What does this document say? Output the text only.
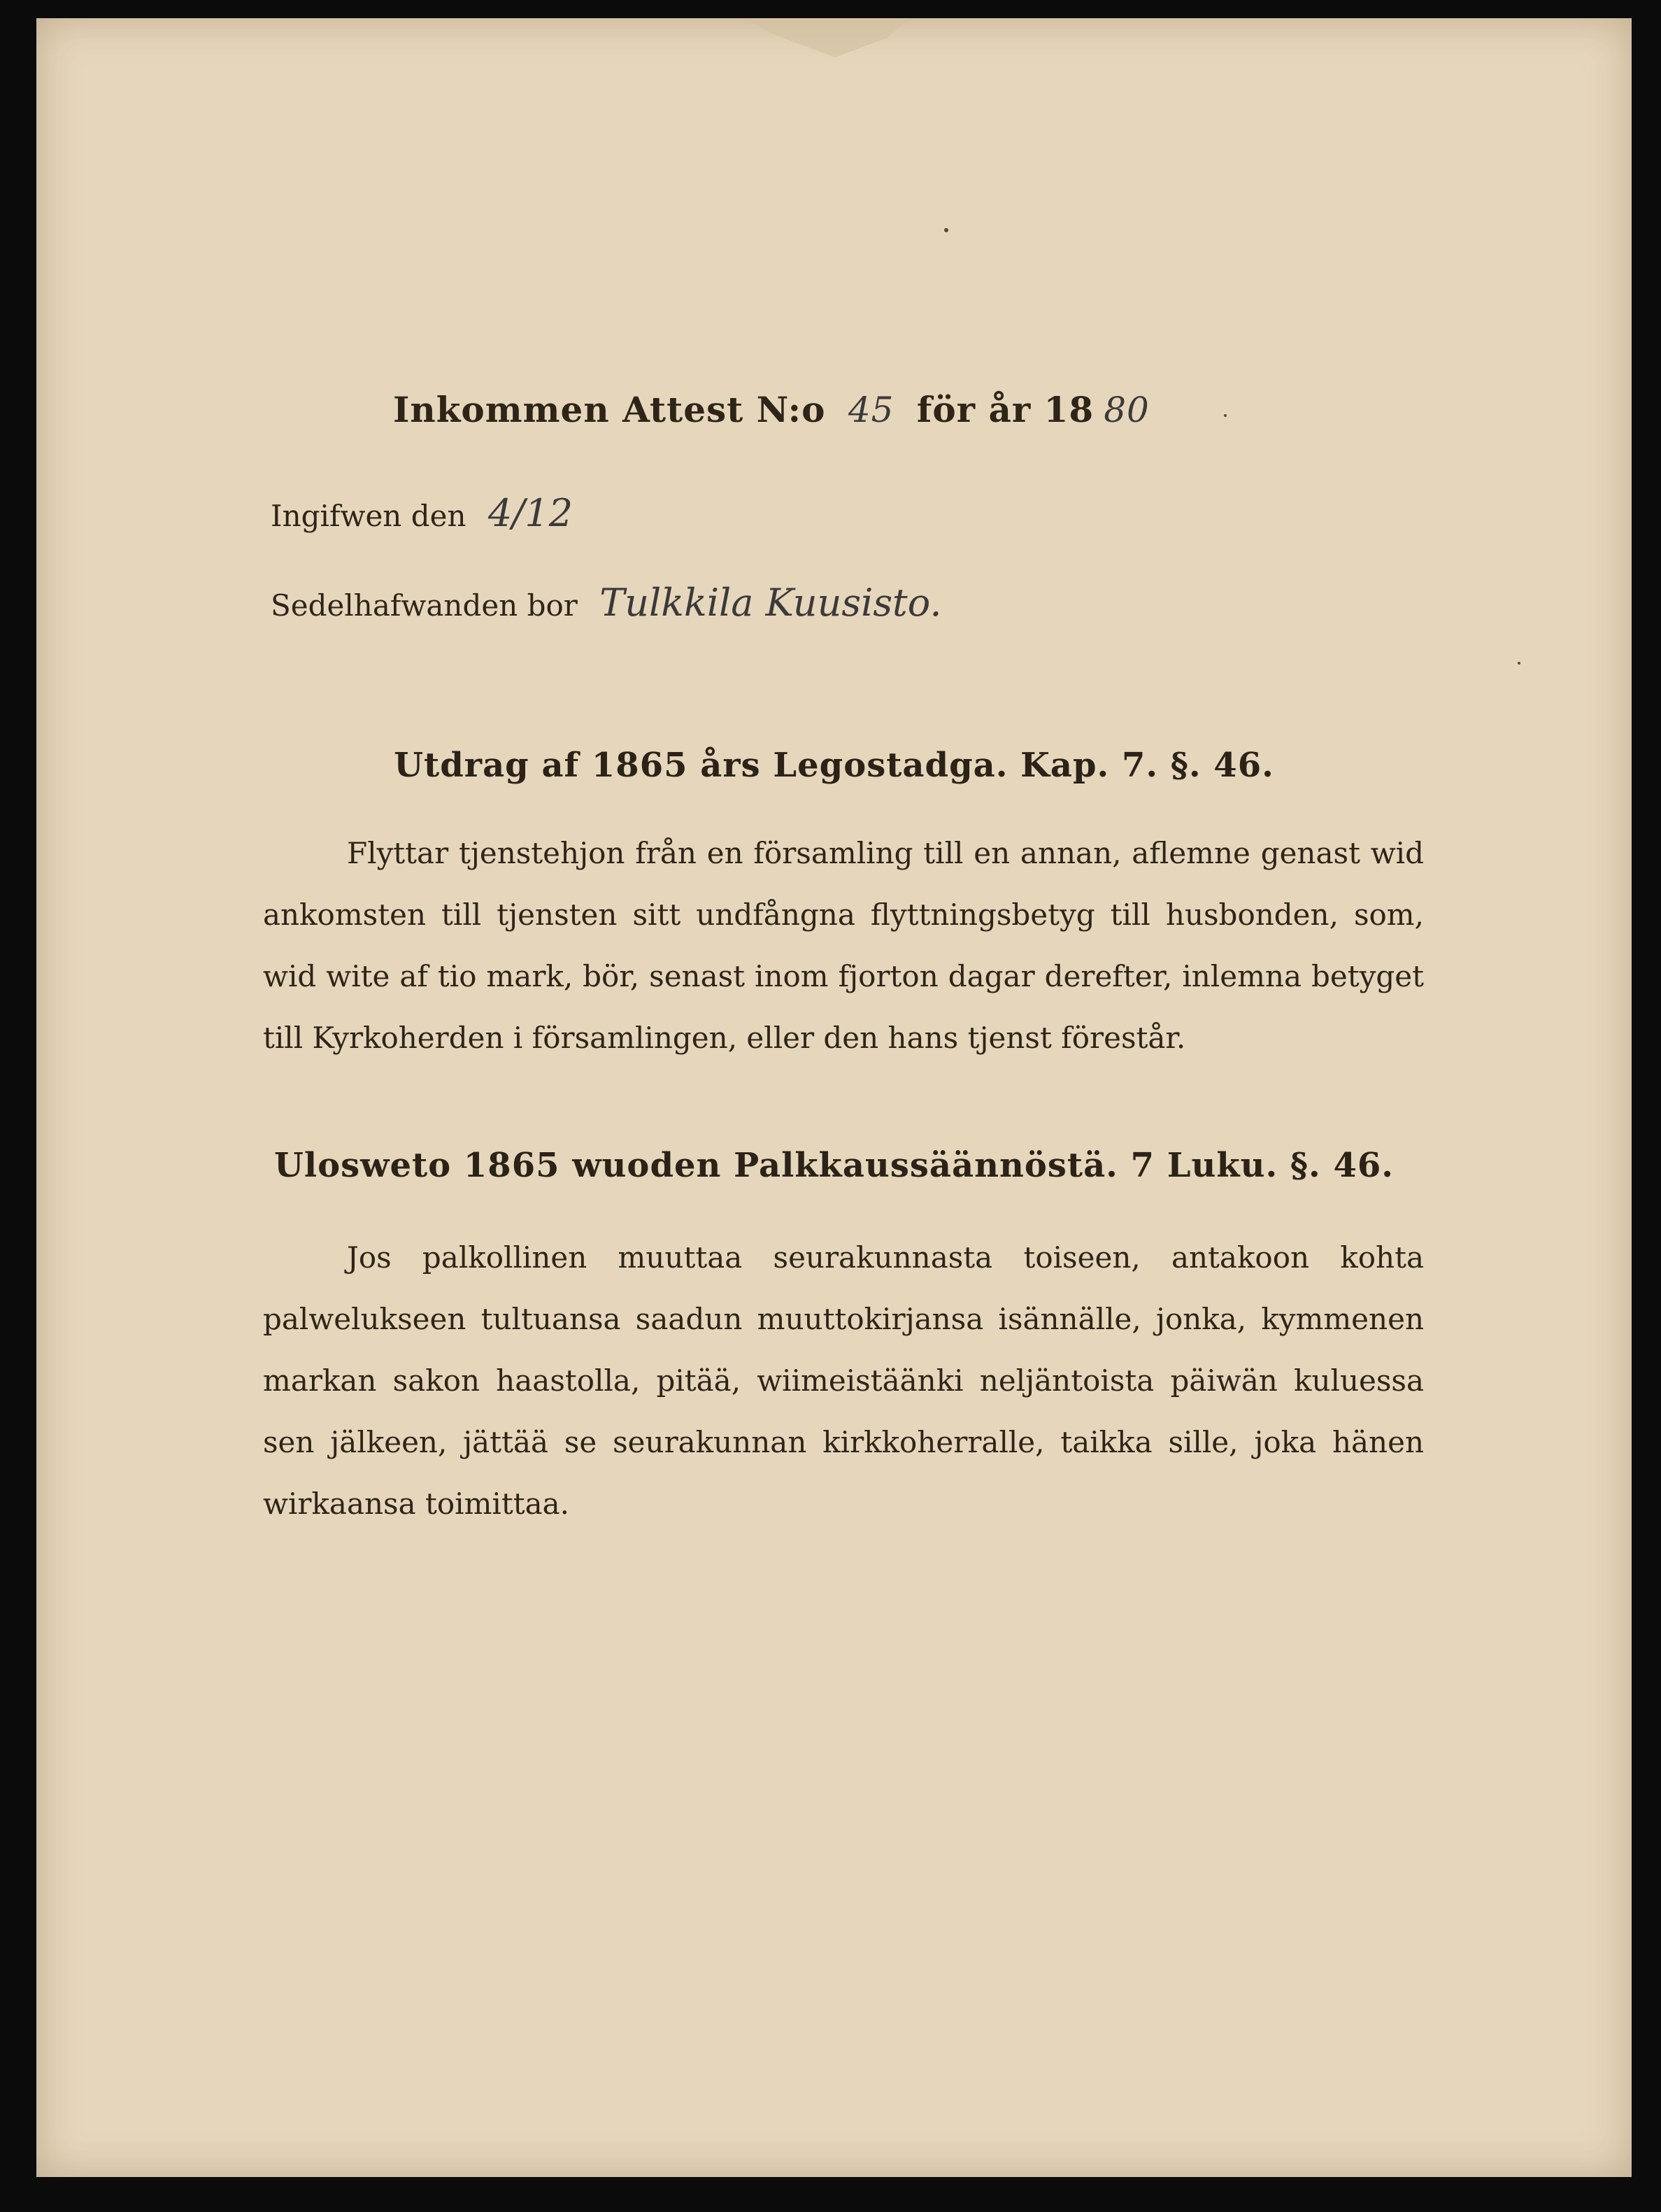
Inkommen Attest N:o 45 för år 18 80
Ingifwen den 4/12
Sedelhafwanden bor Tulkkila Kuusisto.
Utdrag af 1865 års Legostadga. Kap. 7. §. 46.
Flyttar tjenstehjon från en församling till en annan, aflemne genast wid ankomsten till tjensten sitt undfångna flyttningsbetyg till husbonden, som, wid wite af tio mark, bör, senast inom fjorton dagar derefter, inlemna betyget till Kyrkoherden i församlingen, eller den hans tjenst förestår.
Ulosweto 1865 wuoden Palkkaussäännöstä. 7 Luku. §. 46.
Jos palkollinen muuttaa seurakunnasta toiseen, antakoon kohta palwelukseen tultuansa saadun muuttokirjansa isännälle, jonka, kymmenen markan sakon haastolla, pitää, wiimeistäänki neljäntoista päiwän kuluessa sen jälkeen, jättää se seurakunnan kirkkoherralle, taikka sille, joka hänen wirkaansa toimittaa.
